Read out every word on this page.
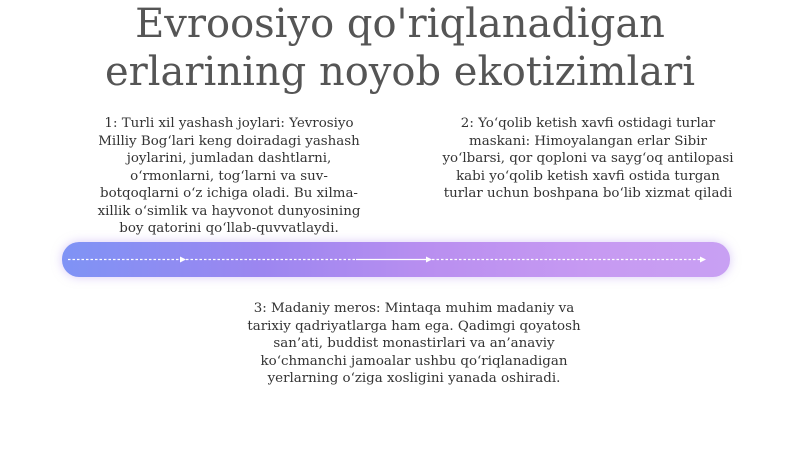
Evroosiyo qo'riqlanadigan
erlarining noyob ekotizimlari
1: Turli xil yashash joylari: Yevrosiyo
Milliy Bog‘lari keng doiradagi yashash
joylarini, jumladan dashtlarni,
o‘rmonlarni, tog‘larni va suv-
botqoqlarni o‘z ichiga oladi. Bu xilma-
xillik o‘simlik va hayvonot dunyosining
boy qatorini qo‘llab-quvvatlaydi.
2: Yo‘qolib ketish xavfi ostidagi turlar
maskani: Himoyalangan erlar Sibir
yo‘lbarsi, qor qoploni va sayg‘oq antilopasi
kabi yo‘qolib ketish xavfi ostida turgan
turlar uchun boshpana bo‘lib xizmat qiladi
3: Madaniy meros: Mintaqa muhim madaniy va
tarixiy qadriyatlarga ham ega. Qadimgi qoyatosh
san’ati, buddist monastirlari va an’anaviy
ko‘chmanchi jamoalar ushbu qo‘riqlanadigan
yerlarning o‘ziga xosligini yanada oshiradi.
